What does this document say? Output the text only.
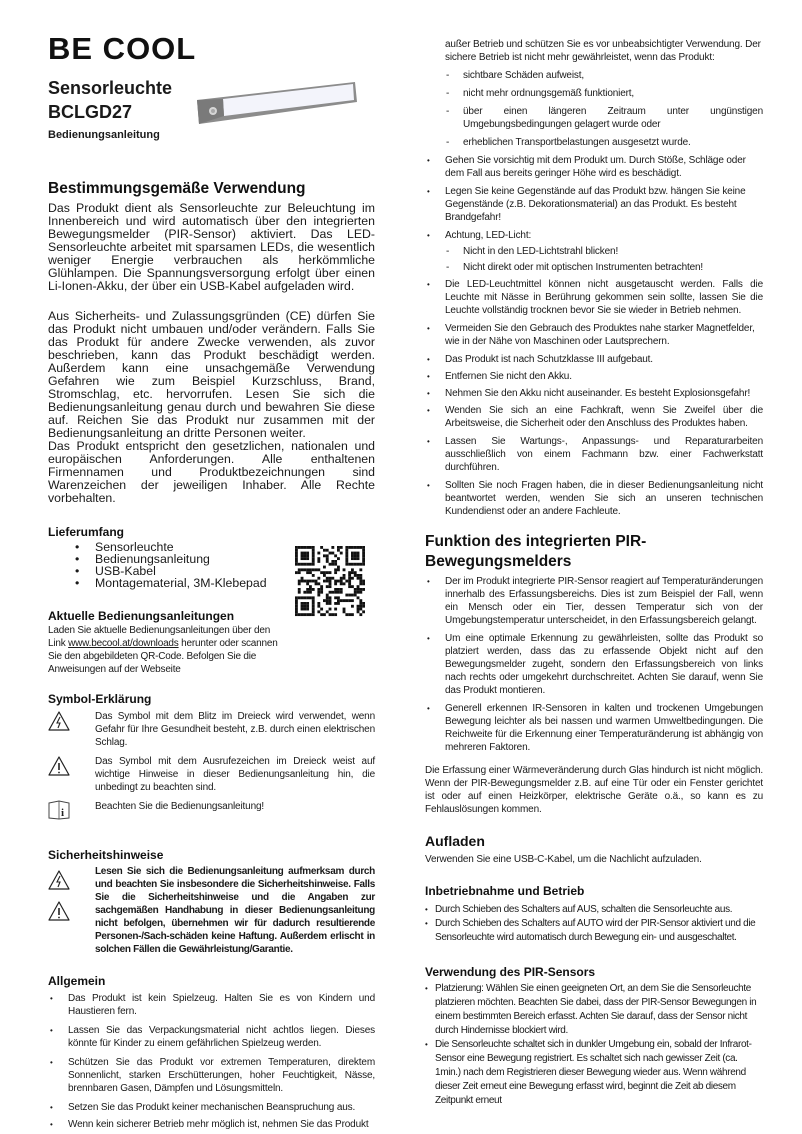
BE COOL
Sensorleuchte
BCLGD27
Bedienungsanleitung
Bestimmungsgemäße Verwendung
Das Produkt dient als Sensorleuchte zur Beleuchtung im Innenbereich und wird automatisch über den integrierten Bewegungsmelder (PIR-Sensor) aktiviert. Das LED-Sensorleuchte arbeitet mit sparsamen LEDs, die wesentlich weniger Energie verbrauchen als herkömmliche Glühlampen. Die Spannungsversorgung erfolgt über einen Li-Ionen-Akku, der über ein USB-Kabel aufgeladen wird.
Aus Sicherheits- und Zulassungsgründen (CE) dürfen Sie das Produkt nicht umbauen und/oder verändern. Falls Sie das Produkt für andere Zwecke verwenden, als zuvor beschrieben, kann das Produkt beschädigt werden. Außerdem kann eine unsachgemäße Verwendung Gefahren wie zum Beispiel Kurzschluss, Brand, Stromschlag, etc. hervorrufen. Lesen Sie sich die Bedienungsanleitung genau durch und bewahren Sie diese auf. Reichen Sie das Produkt nur zusammen mit der Bedienungsanleitung an dritte Personen weiter.
Das Produkt entspricht den gesetzlichen, nationalen und europäischen Anforderungen. Alle enthaltenen Firmennamen und Produktbezeichnungen sind Warenzeichen der jeweiligen Inhaber. Alle Rechte vorbehalten.
Lieferumfang
• Sensorleuchte
• Bedienungsanleitung
• USB-Kabel
• Montagematerial, 3M-Klebepad
Aktuelle Bedienungsanleitungen
Laden Sie aktuelle Bedienungsanleitungen über den Link www.becool.at/downloads herunter oder scannen Sie den abgebildeten QR-Code. Befolgen Sie die Anweisungen auf der Webseite
Symbol-Erklärung
Das Symbol mit dem Blitz im Dreieck wird verwendet, wenn Gefahr für Ihre Gesundheit besteht, z.B. durch einen elektrischen Schlag.
Das Symbol mit dem Ausrufezeichen im Dreieck weist auf wichtige Hinweise in dieser Bedienungsanleitung hin, die unbedingt zu beachten sind.
i
Beachten Sie die Bedienungsanleitung!
Sicherheitshinweise
Lesen Sie sich die Bedienungsanleitung aufmerksam durch und beachten Sie insbesondere die Sicherheitshinweise. Falls Sie die Sicherheitshinweise und die Angaben zur sachgemäßen Handhabung in dieser Bedienungsanleitung nicht befolgen, übernehmen wir für dadurch resultierende Personen-/Sach-schäden keine Haftung. Außerdem erlischt in solchen Fällen die Gewährleistung/Garantie.
Allgemein
• Das Produkt ist kein Spielzeug. Halten Sie es von Kindern und Haustieren fern.
• Lassen Sie das Verpackungsmaterial nicht achtlos liegen. Dieses könnte für Kinder zu einem gefährlichen Spielzeug werden.
• Schützen Sie das Produkt vor extremen Temperaturen, direktem Sonnenlicht, starken Erschütterungen, hoher Feuchtigkeit, Nässe, brennbaren Gasen, Dämpfen und Lösungsmitteln.
• Setzen Sie das Produkt keiner mechanischen Beanspruchung aus.
• Wenn kein sicherer Betrieb mehr möglich ist, nehmen Sie das Produkt
außer Betrieb und schützen Sie es vor unbeabsichtigter Verwendung. Der sichere Betrieb ist nicht mehr gewährleistet, wenn das Produkt:
- sichtbare Schäden aufweist,
- nicht mehr ordnungsgemäß funktioniert,
- über einen längeren Zeitraum unter ungünstigen Umgebungsbedingungen gelagert wurde oder
- erheblichen Transportbelastungen ausgesetzt wurde.
• Gehen Sie vorsichtig mit dem Produkt um. Durch Stöße, Schläge oder dem Fall aus bereits geringer Höhe wird es beschädigt.
• Legen Sie keine Gegenstände auf das Produkt bzw. hängen Sie keine Gegenstände (z.B. Dekorationsmaterial) an das Produkt. Es besteht Brandgefahr!
• Achtung, LED-Licht:
- Nicht in den LED-Lichtstrahl blicken!
- Nicht direkt oder mit optischen Instrumenten betrachten!
• Die LED-Leuchtmittel können nicht ausgetauscht werden. Falls die Leuchte mit Nässe in Berührung gekommen sein sollte, lassen Sie die Leuchte vollständig trocknen bevor Sie sie wieder in Betrieb nehmen.
• Vermeiden Sie den Gebrauch des Produktes nahe starker Magnetfelder, wie in der Nähe von Maschinen oder Lautsprechern.
• Das Produkt ist nach Schutzklasse III aufgebaut.
• Entfernen Sie nicht den Akku.
• Nehmen Sie den Akku nicht auseinander. Es besteht Explosionsgefahr!
• Wenden Sie sich an eine Fachkraft, wenn Sie Zweifel über die Arbeitsweise, die Sicherheit oder den Anschluss des Produktes haben.
• Lassen Sie Wartungs-, Anpassungs- und Reparaturarbeiten ausschließlich von einem Fachmann bzw. einer Fachwerkstatt durchführen.
• Sollten Sie noch Fragen haben, die in dieser Bedienungsanleitung nicht beantwortet werden, wenden Sie sich an unseren technischen Kundendienst oder an andere Fachleute.
Funktion des integrierten PIR-Bewegungsmelders
• Der im Produkt integrierte PIR-Sensor reagiert auf Temperaturänderungen innerhalb des Erfassungsbereichs. Dies ist zum Beispiel der Fall, wenn ein Mensch oder ein Tier, dessen Temperatur sich von der Umgebungstemperatur unterscheidet, in den Erfassungsbereich gelangt.
• Um eine optimale Erkennung zu gewährleisten, sollte das Produkt so platziert werden, dass das zu erfassende Objekt nicht auf den Bewegungsmelder zugeht, sondern den Erfassungsbereich von links nach rechts oder umgekehrt durchschreitet. Achten Sie darauf, wenn Sie das Produkt montieren.
• Generell erkennen IR-Sensoren in kalten und trockenen Umgebungen Bewegung leichter als bei nassen und warmen Umweltbedingungen. Die Reichweite für die Erkennung einer Temperaturänderung ist abhängig von mehreren Faktoren.
Die Erfassung einer Wärmeveränderung durch Glas hindurch ist nicht möglich. Wenn der PIR-Bewegungsmelder z.B. auf eine Tür oder ein Fenster gerichtet ist oder auf einen Heizkörper, elektrische Geräte o.ä., so kann es zu Fehlauslösungen kommen.
Aufladen
Verwenden Sie eine USB-C-Kabel, um die Nachlicht aufzuladen.
Inbetriebnahme und Betrieb
• Durch Schieben des Schalters auf AUS, schalten die Sensorleuchte aus.
• Durch Schieben des Schalters auf AUTO wird der PIR-Sensor aktiviert und die Sensorleuchte wird automatisch durch Bewegung ein- und ausgeschaltet.
Verwendung des PIR-Sensors
• Platzierung: Wählen Sie einen geeigneten Ort, an dem Sie die Sensorleuchte platzieren möchten. Beachten Sie dabei, dass der PIR-Sensor Bewegungen in einem bestimmten Bereich erfasst. Achten Sie darauf, dass der Sensor nicht durch Hindernisse blockiert wird.
• Die Sensorleuchte schaltet sich in dunkler Umgebung ein, sobald der Infrarot-Sensor eine Bewegung registriert. Es schaltet sich nach gewisser Zeit (ca. 1min.) nach dem Registrieren dieser Bewegung wieder aus. Wenn während dieser Zeit erneut eine Bewegung erfasst wird, beginnt die Zeit ab diesem Zeitpunkt erneut
